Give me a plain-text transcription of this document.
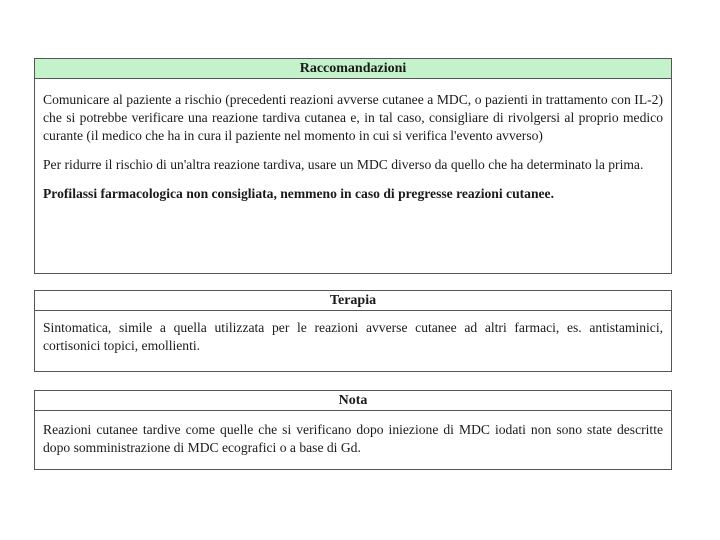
Raccomandazioni

Comunicare al paziente a rischio (precedenti reazioni avverse cutanee a MDC, o pazienti in trattamento con IL-2) che si potrebbe verificare una reazione tardiva cutanea e, in tal caso, consigliare di rivolgersi al proprio medico curante (il medico che ha in cura il paziente nel momento in cui si verifica l'evento avverso)

Per ridurre il rischio di un'altra reazione tardiva, usare un MDC diverso da quello che ha determinato la prima.

Profilassi farmacologica non consigliata, nemmeno in caso di pregresse reazioni cutanee.

Terapia

Sintomatica, simile a quella utilizzata per le reazioni avverse cutanee ad altri farmaci, es. antistaminici, cortisonici topici, emollienti.

Nota

Reazioni cutanee tardive come quelle che si verificano dopo iniezione di MDC iodati non sono state descritte dopo somministrazione di MDC ecografici o a base di Gd.
